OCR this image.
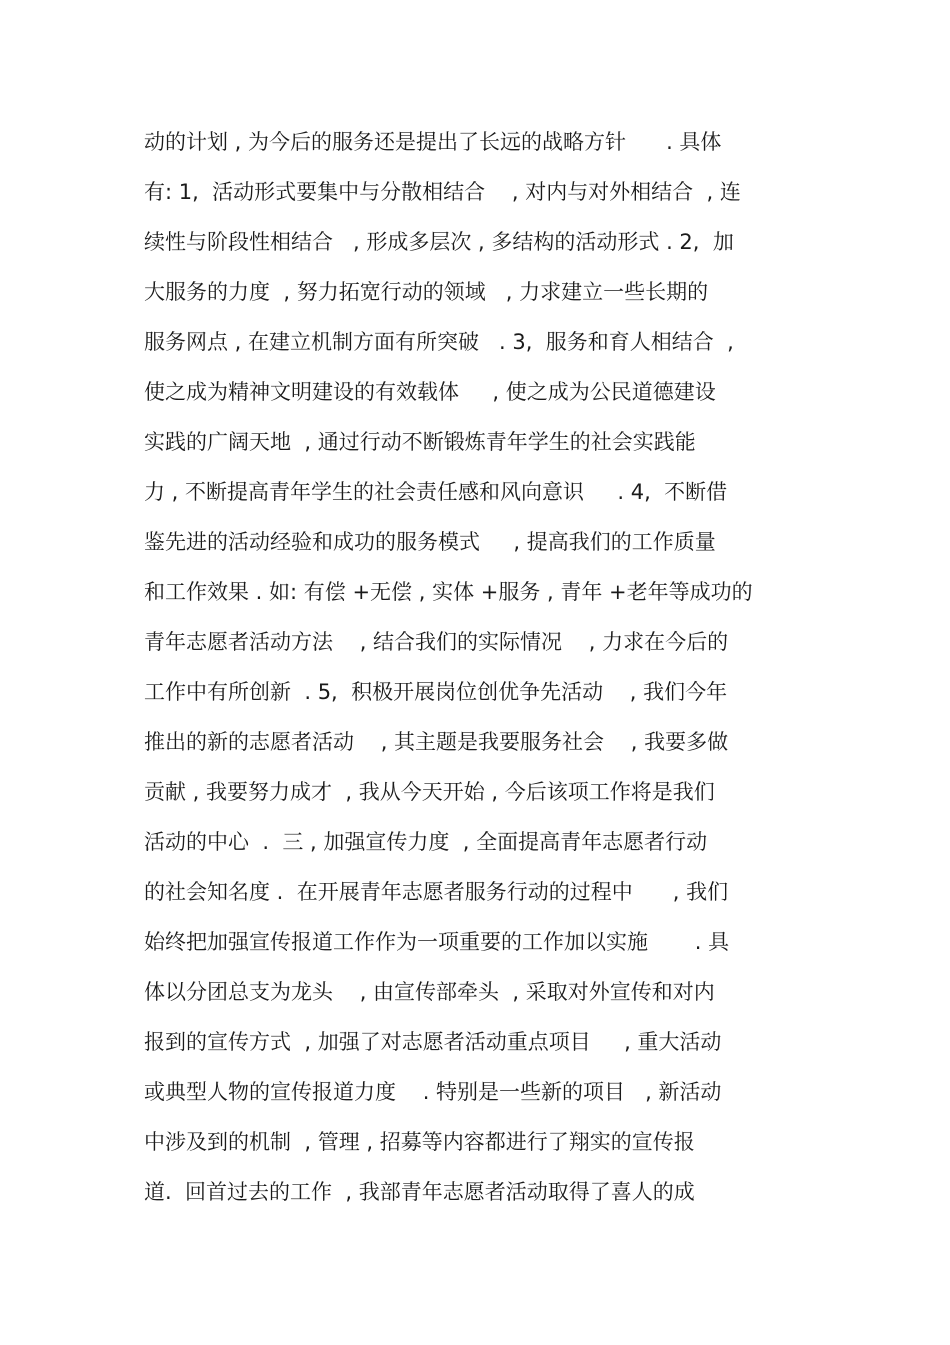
动的计划 , 为今后的服务还是提出了长远的战略方针      . 具体
有: 1,  活动形式要集中与分散相结合    , 对内与对外相结合  , 连
续性与阶段性相结合   , 形成多层次 , 多结构的活动形式 . 2,  加
大服务的力度  , 努力拓宽行动的领域   , 力求建立一些长期的
服务网点 , 在建立机制方面有所突破   . 3,  服务和育人相结合  ,
使之成为精神文明建设的有效载体     , 使之成为公民道德建设
实践的广阔天地  , 通过行动不断锻炼青年学生的社会实践能
力 , 不断提高青年学生的社会责任感和风向意识     . 4,  不断借
鉴先进的活动经验和成功的服务模式     , 提高我们的工作质量
和工作效果 . 如: 有偿 +无偿 , 实体 +服务 , 青年 +老年等成功的
青年志愿者活动方法    , 结合我们的实际情况    , 力求在今后的
工作中有所创新  . 5,  积极开展岗位创优争先活动    , 我们今年
推出的新的志愿者活动    , 其主题是我要服务社会    , 我要多做
贡献 , 我要努力成才  , 我从今天开始 , 今后该项工作将是我们
活动的中心  .  三 , 加强宣传力度  , 全面提高青年志愿者行动
的社会知名度 .  在开展青年志愿者服务行动的过程中      , 我们
始终把加强宣传报道工作作为一项重要的工作加以实施       . 具
体以分团总支为龙头    , 由宣传部牵头  , 采取对外宣传和对内
报到的宣传方式  , 加强了对志愿者活动重点项目     , 重大活动
或典型人物的宣传报道力度    . 特别是一些新的项目   , 新活动
中涉及到的机制  , 管理 , 招募等内容都进行了翔实的宣传报
道.  回首过去的工作  , 我部青年志愿者活动取得了喜人的成
